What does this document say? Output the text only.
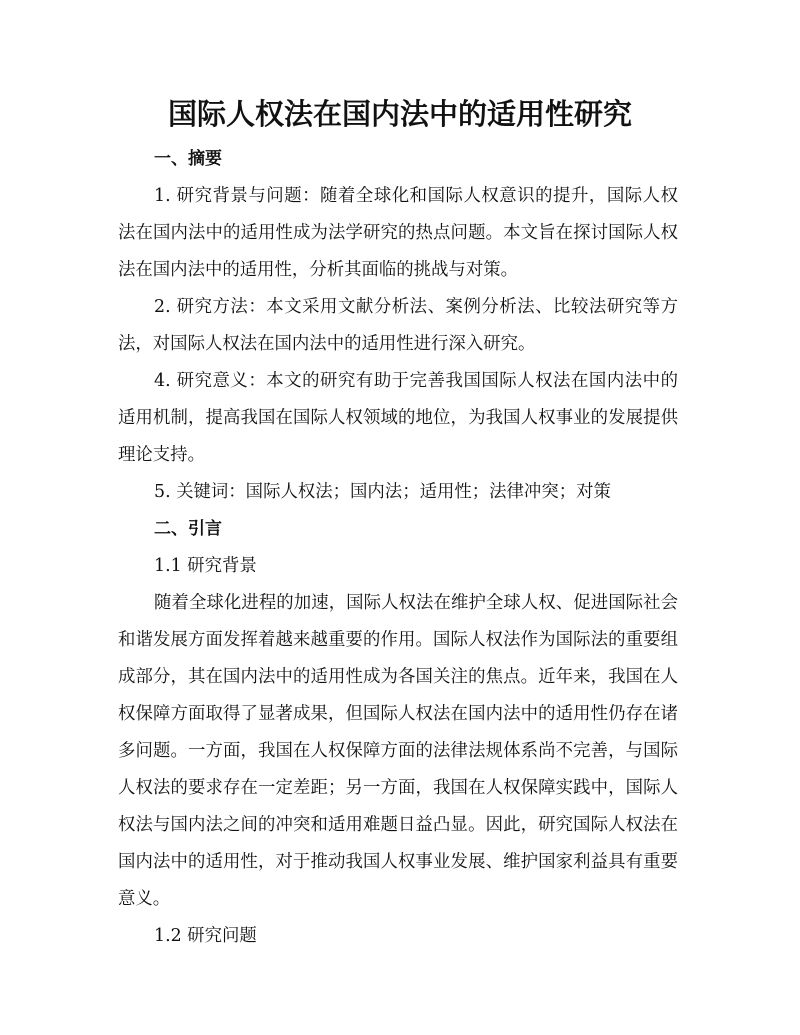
国际人权法在国内法中的适用性研究

一、摘要

1. 研究背景与问题：随着全球化和国际人权意识的提升，国际人权法在国内法中的适用性成为法学研究的热点问题。本文旨在探讨国际人权法在国内法中的适用性，分析其面临的挑战与对策。

2. 研究方法：本文采用文献分析法、案例分析法、比较法研究等方法，对国际人权法在国内法中的适用性进行深入研究。

4. 研究意义：本文的研究有助于完善我国国际人权法在国内法中的适用机制，提高我国在国际人权领域的地位，为我国人权事业的发展提供理论支持。

5. 关键词：国际人权法；国内法；适用性；法律冲突；对策

二、引言

1.1 研究背景

随着全球化进程的加速，国际人权法在维护全球人权、促进国际社会和谐发展方面发挥着越来越重要的作用。国际人权法作为国际法的重要组成部分，其在国内法中的适用性成为各国关注的焦点。近年来，我国在人权保障方面取得了显著成果，但国际人权法在国内法中的适用性仍存在诸多问题。一方面，我国在人权保障方面的法律法规体系尚不完善，与国际人权法的要求存在一定差距；另一方面，我国在人权保障实践中，国际人权法与国内法之间的冲突和适用难题日益凸显。因此，研究国际人权法在国内法中的适用性，对于推动我国人权事业发展、维护国家利益具有重要意义。

1.2 研究问题
